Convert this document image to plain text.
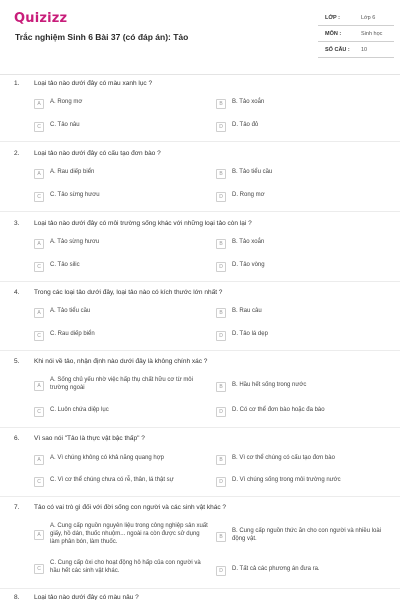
Quizizz
Trắc nghiệm Sinh 6 Bài 37 (có đáp án): Tảo
LỚP :	Lớp 6
MÔN :	Sinh học
SỐ CÂU : 10
1. Loại tảo nào dưới đây có màu xanh lục ?
A	A. Rong mơ	B	B. Tảo xoắn
C	C. Tảo nâu	D	D. Tảo đỏ
2. Loại tảo nào dưới đây có cấu tạo đơn bào ?
A	A. Rau diếp biển	B	B. Tảo tiểu cầu
C	C. Tảo sừng hươu	D	D. Rong mơ
3. Loại tảo nào dưới đây có môi trường sống khác với những loại tảo còn lại ?
A	A. Tảo sừng hươu	B	B. Tảo xoắn
C	C. Tảo silic	D	D. Tảo vòng
4. Trong các loại tảo dưới đây, loại tảo nào có kích thước lớn nhất ?
A	A. Tảo tiểu cầu	B	B. Rau câu
C	C. Rau diếp biển	D	D. Tảo lá dẹp
5. Khi nói về tảo, nhận định nào dưới đây là không chính xác ?
A
A. Sống chủ yếu nhờ việc hấp thụ chất hữu cơ từ môi trường ngoài	B	B. Hầu hết sống trong nước
C	C. Luôn chứa diệp lục	D	D. Có cơ thể đơn bào hoặc đa bào
6. Vì sao nói "Tảo là thực vật bậc thấp" ?
A	A. Vì chúng không có khả năng quang hợp	B	B. Vì cơ thể chúng có cấu tạo đơn bào
C	C. Vì cơ thể chúng chưa có rễ, thân, lá thật sự	D	D. Vì chúng sống trong môi trường nước
7. Tảo có vai trò gì đối với đời sống con người và các sinh vật khác ?
A
A. Cung cấp nguồn nguyên liệu trong công nghiệp sản xuất giấy, hồ dán, thuốc nhuộm... ngoài ra còn được sử dụng làm phân bón, làm thuốc.
B
B. Cung cấp nguồn thức ăn cho con người và nhiều loài động vật.
C
C. Cung cấp ôxi cho hoạt động hô hấp của con người và hầu hết các sinh vật khác.	D	D. Tất cả các phương án đưa ra.
8. Loại tảo nào dưới đây có màu nâu ?
